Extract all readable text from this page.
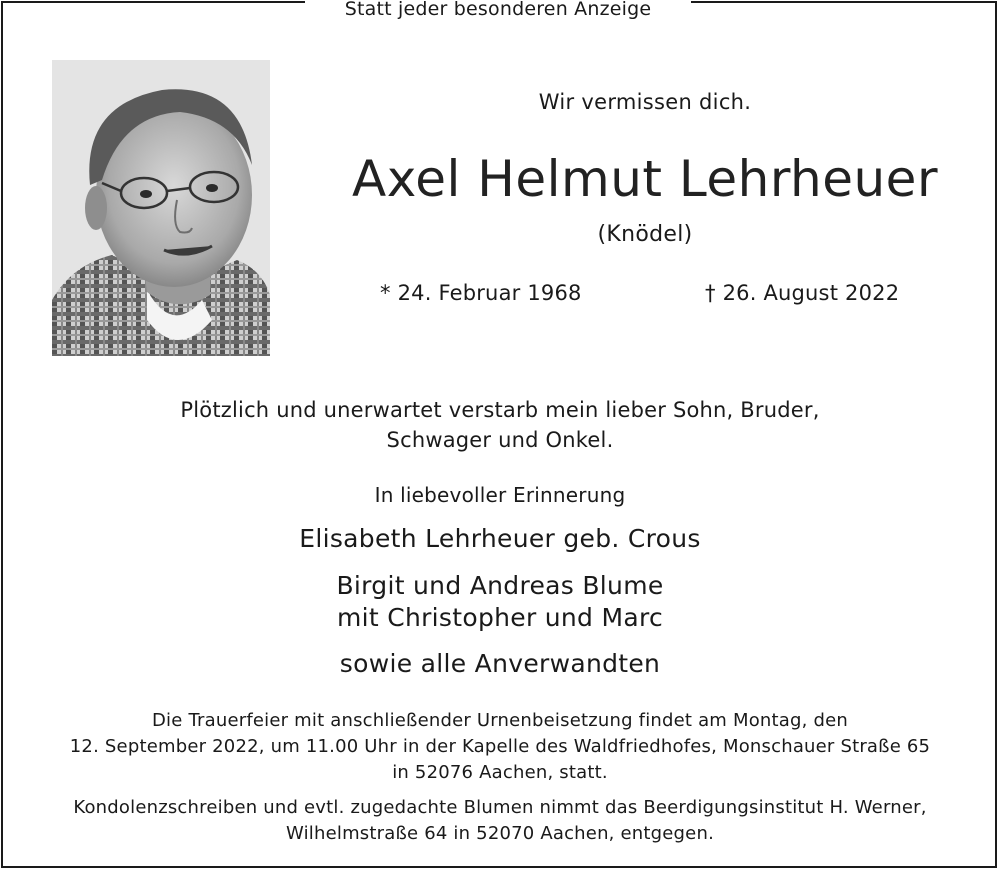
Statt jeder besonderen Anzeige
Wir vermissen dich.
Axel Helmut Lehrheuer
(Knödel)
* 24. Februar 1968	† 26. August 2022
Plötzlich und unerwartet verstarb mein lieber Sohn, Bruder,
Schwager und Onkel.
In liebevoller Erinnerung
Elisabeth Lehrheuer geb. Crous
Birgit und Andreas Blume
mit Christopher und Marc
sowie alle Anverwandten
Die Trauerfeier mit anschließender Urnenbeisetzung findet am Montag, den
12. September 2022, um 11.00 Uhr in der Kapelle des Waldfriedhofes, Monschauer Straße 65
in 52076 Aachen, statt.
Kondolenzschreiben und evtl. zugedachte Blumen nimmt das Beerdigungsinstitut H. Werner,
Wilhelmstraße 64 in 52070 Aachen, entgegen.
